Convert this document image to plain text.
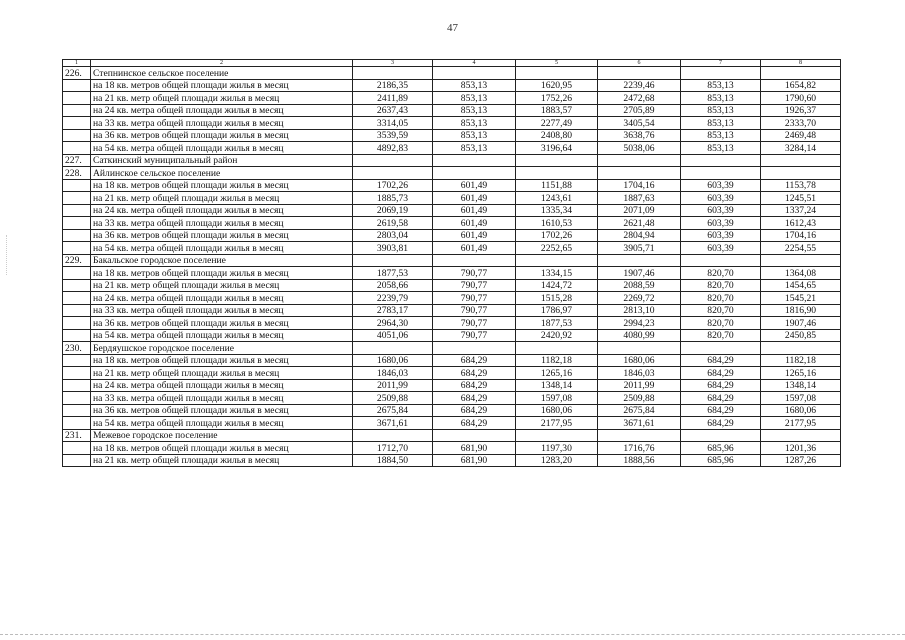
47
1	2	3	4	5	6	7	8
226.	Степнинское сельское поселение						
	на 18 кв. метров общей площади жилья в месяц	2186,35	853,13	1620,95	2239,46	853,13	1654,82
	на 21 кв. метр общей площади жилья в месяц	2411,89	853,13	1752,26	2472,68	853,13	1790,60
	на 24 кв. метра общей площади жилья в месяц	2637,43	853,13	1883,57	2705,89	853,13	1926,37
	на 33 кв. метра общей площади жилья в месяц	3314,05	853,13	2277,49	3405,54	853,13	2333,70
	на 36 кв. метров общей площади жилья в месяц	3539,59	853,13	2408,80	3638,76	853,13	2469,48
	на 54 кв. метра общей площади жилья в месяц	4892,83	853,13	3196,64	5038,06	853,13	3284,14
227.	Саткинский муниципальный район						
228.	Айлинское сельское поселение						
	на 18 кв. метров общей площади жилья в месяц	1702,26	601,49	1151,88	1704,16	603,39	1153,78
	на 21 кв. метр общей площади жилья в месяц	1885,73	601,49	1243,61	1887,63	603,39	1245,51
	на 24 кв. метра общей площади жилья в месяц	2069,19	601,49	1335,34	2071,09	603,39	1337,24
	на 33 кв. метра общей площади жилья в месяц	2619,58	601,49	1610,53	2621,48	603,39	1612,43
	на 36 кв. метров общей площади жилья в месяц	2803,04	601,49	1702,26	2804,94	603,39	1704,16
	на 54 кв. метра общей площади жилья в месяц	3903,81	601,49	2252,65	3905,71	603,39	2254,55
229.	Бакальское городское поселение						
	на 18 кв. метров общей площади жилья в месяц	1877,53	790,77	1334,15	1907,46	820,70	1364,08
	на 21 кв. метр общей площади жилья в месяц	2058,66	790,77	1424,72	2088,59	820,70	1454,65
	на 24 кв. метра общей площади жилья в месяц	2239,79	790,77	1515,28	2269,72	820,70	1545,21
	на 33 кв. метра общей площади жилья в месяц	2783,17	790,77	1786,97	2813,10	820,70	1816,90
	на 36 кв. метров общей площади жилья в месяц	2964,30	790,77	1877,53	2994,23	820,70	1907,46
	на 54 кв. метра общей площади жилья в месяц	4051,06	790,77	2420,92	4080,99	820,70	2450,85
230.	Бердяушское городское поселение						
	на 18 кв. метров общей площади жилья в месяц	1680,06	684,29	1182,18	1680,06	684,29	1182,18
	на 21 кв. метр общей площади жилья в месяц	1846,03	684,29	1265,16	1846,03	684,29	1265,16
	на 24 кв. метра общей площади жилья в месяц	2011,99	684,29	1348,14	2011,99	684,29	1348,14
	на 33 кв. метра общей площади жилья в месяц	2509,88	684,29	1597,08	2509,88	684,29	1597,08
	на 36 кв. метров общей площади жилья в месяц	2675,84	684,29	1680,06	2675,84	684,29	1680,06
	на 54 кв. метра общей площади жилья в месяц	3671,61	684,29	2177,95	3671,61	684,29	2177,95
231.	Межевое городское поселение						
	на 18 кв. метров общей площади жилья в месяц	1712,70	681,90	1197,30	1716,76	685,96	1201,36
	на 21 кв. метр общей площади жилья в месяц	1884,50	681,90	1283,20	1888,56	685,96	1287,26
